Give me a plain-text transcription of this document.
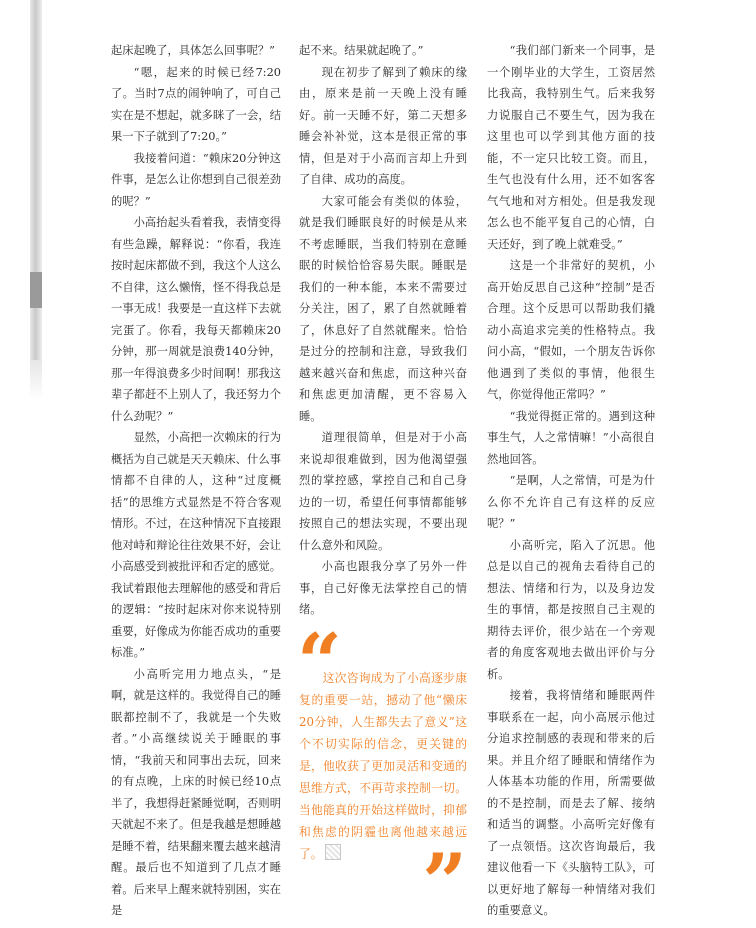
起床起晚了，具体怎么回事呢？”

“嗯，起来的时候已经7:20了。当时7点的闹钟响了，可自己实在是不想起，就多眯了一会，结果一下子就到了7:20。”

我接着问道：“赖床20分钟这件事，是怎么让你想到自己很差劲的呢？”

小高抬起头看着我，表情变得有些急躁，解释说：“你看，我连按时起床都做不到，我这个人这么不自律，这么懒惰，怪不得我总是一事无成！我要是一直这样下去就完蛋了。你看，我每天都赖床20分钟，那一周就是浪费140分钟，那一年得浪费多少时间啊！那我这辈子都赶不上别人了，我还努力个什么劲呢？”

显然，小高把一次赖床的行为概括为自己就是天天赖床、什么事情都不自律的人，这种“过度概括”的思维方式显然是不符合客观情形。不过，在这种情况下直接跟他对峙和辩论往往效果不好，会让小高感受到被批评和否定的感觉。我试着跟他去理解他的感受和背后的逻辑：“按时起床对你来说特别重要，好像成为你能否成功的重要标准。”

小高听完用力地点头，“是啊，就是这样的。我觉得自己的睡眠都控制不了，我就是一个失败者。”小高继续说关于睡眠的事情，“我前天和同事出去玩，回来的有点晚，上床的时候已经10点半了，我想得赶紧睡觉啊，否则明天就起不来了。但是我越是想睡越是睡不着，结果翻来覆去越来越清醒。最后也不知道到了几点才睡着。后来早上醒来就特别困，实在是

起不来。结果就起晚了。”

现在初步了解到了赖床的缘由，原来是前一天晚上没有睡好。前一天睡不好，第二天想多睡会补补觉，这本是很正常的事情，但是对于小高而言却上升到了自律、成功的高度。

大家可能会有类似的体验，就是我们睡眠良好的时候是从来不考虑睡眠，当我们特别在意睡眠的时候恰恰容易失眠。睡眠是我们的一种本能，本来不需要过分关注，困了，累了自然就睡着了，休息好了自然就醒来。恰恰是过分的控制和注意，导致我们越来越兴奋和焦虑，而这种兴奋和焦虑更加清醒，更不容易入睡。

道理很简单，但是对于小高来说却很难做到，因为他渴望强烈的掌控感，掌控自己和自己身边的一切，希望任何事情都能够按照自己的想法实现，不要出现什么意外和风险。

小高也跟我分享了另外一件事，自己好像无法掌控自己的情绪。

“

这次咨询成为了小高逐步康复的重要一站，撼动了他“懒床20分钟，人生都失去了意义”这个不切实际的信念，更关键的是，他收获了更加灵活和变通的思维方式，不再苛求控制一切。当他能真的开始这样做时，抑郁和焦虑的阴霾也离他越来越远了。	”

“我们部门新来一个同事，是一个刚毕业的大学生，工资居然比我高，我特别生气。后来我努力说服自己不要生气，因为我在这里也可以学到其他方面的技能，不一定只比较工资。而且，生气也没有什么用，还不如客客气气地和对方相处。但是我发现怎么也不能平复自己的心情，白天还好，到了晚上就难受。”

这是一个非常好的契机，小高开始反思自己这种“控制”是否合理。这个反思可以帮助我们撬动小高追求完美的性格特点。我问小高，“假如，一个朋友告诉你他遇到了类似的事情，他很生气，你觉得他正常吗？”

“我觉得挺正常的。遇到这种事生气，人之常情嘛！”小高很自然地回答。

“是啊，人之常情，可是为什么你不允许自己有这样的反应呢？”

小高听完，陷入了沉思。他总是以自己的视角去看待自己的想法、情绪和行为，以及身边发生的事情，都是按照自己主观的期待去评价，很少站在一个旁观者的角度客观地去做出评价与分析。

接着，我将情绪和睡眠两件事联系在一起，向小高展示他过分追求控制感的表现和带来的后果。并且介绍了睡眠和情绪作为人体基本功能的作用，所需要做的不是控制，而是去了解、接纳和适当的调整。小高听完好像有了一点领悟。这次咨询最后，我建议他看一下《头脑特工队》，可以更好地了解每一种情绪对我们的重要意义。
